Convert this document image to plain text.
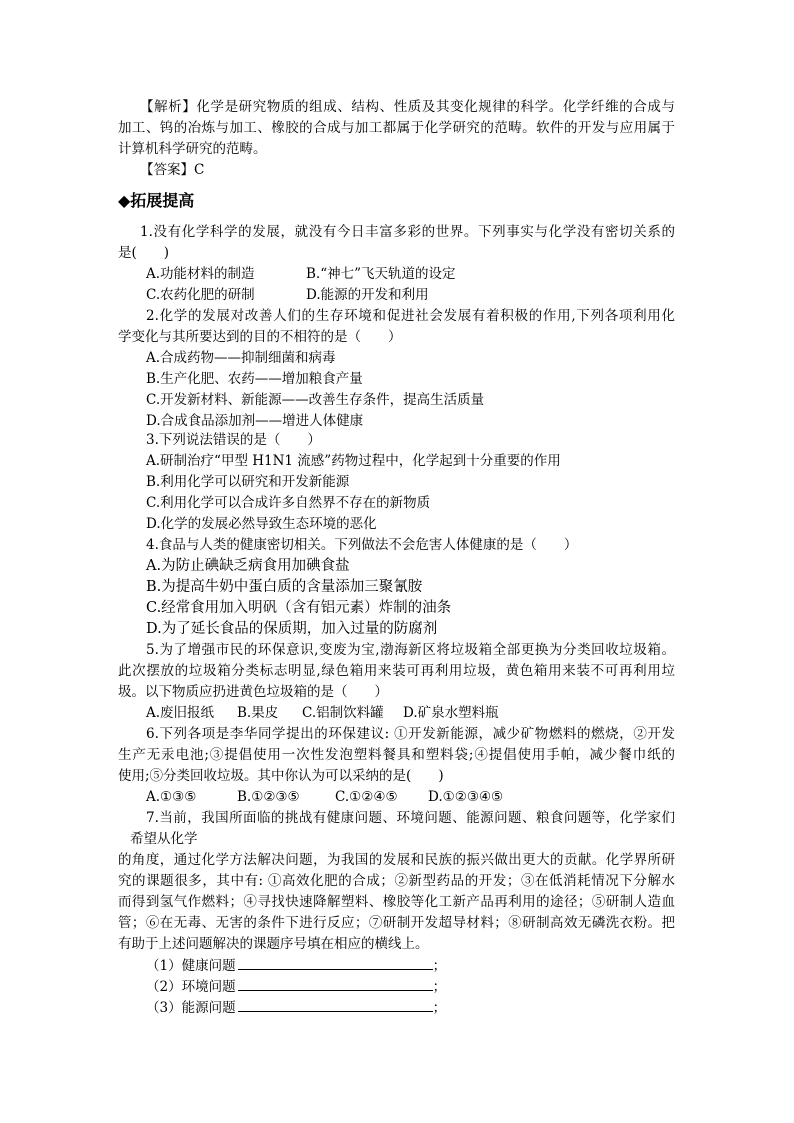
【解析】化学是研究物质的组成、结构、性质及其变化规律的科学。化学纤维的合成与
加工、钨的冶炼与加工、橡胶的合成与加工都属于化学研究的范畴。软件的开发与应用属于
计算机科学研究的范畴。
【答案】C
◆拓展提高
1.没有化学科学的发展，就没有今日丰富多彩的世界。下列事实与化学没有密切关系的
是(　　)
A.功能材料的制造	B.“神七”飞天轨道的设定
C.农药化肥的研制	D.能源的开发和利用
2.化学的发展对改善人们的生存环境和促进社会发展有着积极的作用,下列各项利用化
学变化与其所要达到的目的不相符的是（　　）
A.合成药物——抑制细菌和病毒
B.生产化肥、农药——增加粮食产量
C.开发新材料、新能源——改善生存条件，提高生活质量
D.合成食品添加剂——增进人体健康
3.下列说法错误的是（　　）
A.研制治疗“甲型 H1N1 流感”药物过程中，化学起到十分重要的作用
B.利用化学可以研究和开发新能源
C.利用化学可以合成许多自然界不存在的新物质
D.化学的发展必然导致生态环境的恶化
4.食品与人类的健康密切相关。下列做法不会危害人体健康的是（　　）
A.为防止碘缺乏病食用加碘食盐
B.为提高牛奶中蛋白质的含量添加三聚氰胺
C.经常食用加入明矾（含有铝元素）炸制的油条
D.为了延长食品的保质期，加入过量的防腐剂
5.为了增强市民的环保意识,变废为宝,渤海新区将垃圾箱全部更换为分类回收垃圾箱。
此次摆放的垃圾箱分类标志明显,绿色箱用来装可再利用垃圾，黄色箱用来装不可再利用垃
圾。以下物质应扔进黄色垃圾箱的是（　　）
A.废旧报纸 B.果皮 C.铝制饮料罐 D.矿泉水塑料瓶
6.下列各项是李华同学提出的环保建议: ①开发新能源，减少矿物燃料的燃烧，②开发
生产无汞电池;③提倡使用一次性发泡塑料餐具和塑料袋;④提倡使用手帕，减少餐巾纸的
使用;⑤分类回收垃圾。其中你认为可以采纳的是(　　)
A.①③⑤	B.①②③⑤	C.①②④⑤ D.①②③④⑤
7.当前，我国所面临的挑战有健康问题、环境问题、能源问题、粮食问题等，化学家们
希望从化学
的角度，通过化学方法解决问题，为我国的发展和民族的振兴做出更大的贡献。化学界所研
究的课题很多，其中有: ①高效化肥的合成；②新型药品的开发；③在低消耗情况下分解水
而得到氢气作燃料；④寻找快速降解塑料、橡胶等化工新产品再利用的途径；⑤研制人造血
管；⑥在无毒、无害的条件下进行反应；⑦研制开发超导材料；⑧研制高效无磷洗衣粉。把
有助于上述问题解决的课题序号填在相应的横线上。
（1）健康问题	；
（2）环境问题	；
（3）能源问题	；
